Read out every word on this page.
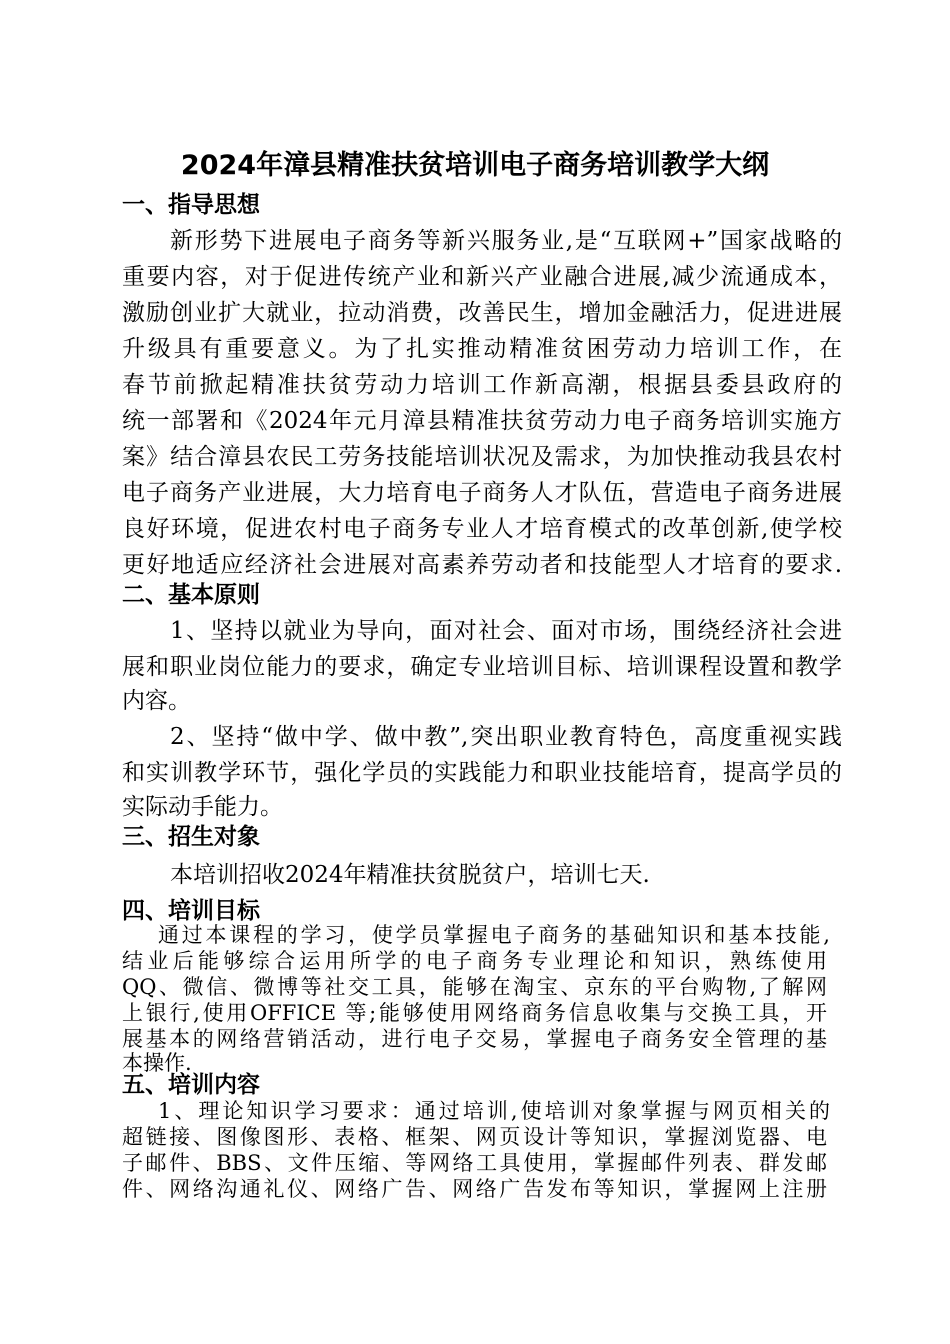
2024年漳县精准扶贫培训电子商务培训教学大纲
一、指导思想
新形势下进展电子商务等新兴服务业,是“互联网+”国家战略的
重要内容，对于促进传统产业和新兴产业融合进展,减少流通成本，
激励创业扩大就业，拉动消费，改善民生，增加金融活力，促进进展
升级具有重要意义。为了扎实推动精准贫困劳动力培训工作，在
春节前掀起精准扶贫劳动力培训工作新高潮，根据县委县政府的
统一部署和《2024年元月漳县精准扶贫劳动力电子商务培训实施方
案》结合漳县农民工劳务技能培训状况及需求，为加快推动我县农村
电子商务产业进展，大力培育电子商务人才队伍，营造电子商务进展
良好环境，促进农村电子商务专业人才培育模式的改革创新,使学校
更好地适应经济社会进展对高素养劳动者和技能型人才培育的要求.
二、基本原则
1、坚持以就业为导向，面对社会、面对市场，围绕经济社会进
展和职业岗位能力的要求，确定专业培训目标、培训课程设置和教学
内容。
2、坚持“做中学、做中教”,突出职业教育特色，高度重视实践
和实训教学环节，强化学员的实践能力和职业技能培育，提高学员的
实际动手能力。
三、招生对象
本培训招收2024年精准扶贫脱贫户，培训七天.
四、培训目标
通过本课程的学习，使学员掌握电子商务的基础知识和基本技能,
结业后能够综合运用所学的电子商务专业理论和知识，熟练使用
QQ、微信、微博等社交工具，能够在淘宝、京东的平台购物,了解网
上银行,使用OFFICE 等;能够使用网络商务信息收集与交换工具，开
展基本的网络营销活动，进行电子交易，掌握电子商务安全管理的基
本操作.
五、培训内容
1、理论知识学习要求：通过培训,使培训对象掌握与网页相关的
超链接、图像图形、表格、框架、网页设计等知识，掌握浏览器、电
子邮件、BBS、文件压缩、等网络工具使用，掌握邮件列表、群发邮
件、网络沟通礼仪、网络广告、网络广告发布等知识，掌握网上注册
